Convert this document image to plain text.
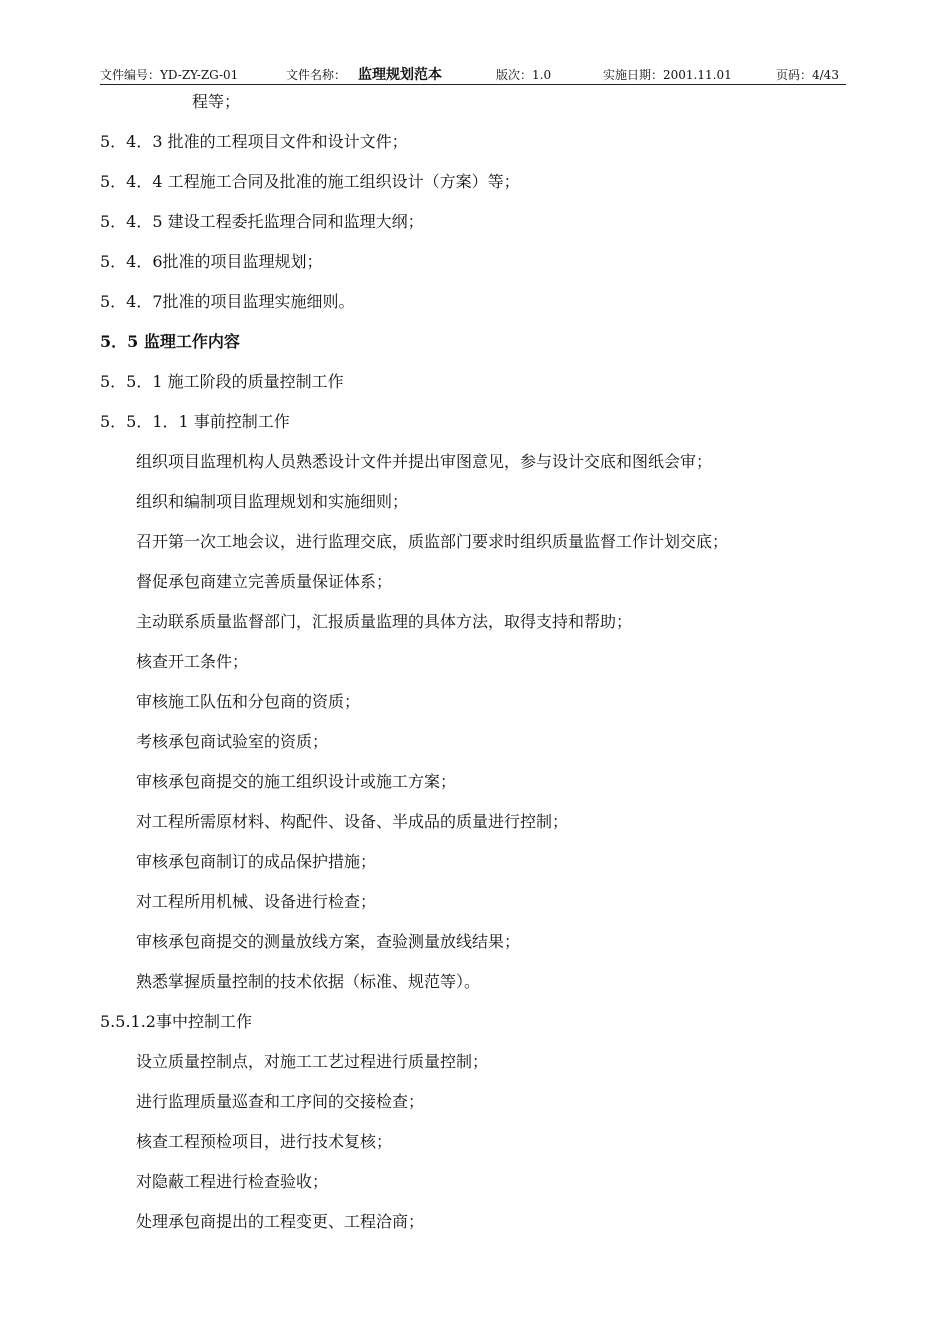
文件编号：YD-ZY-ZG-01	文件名称： 监理规划范本	版次：1.0	实施日期：2001.11.01	页码：4/43
程等；
5．4．3 批准的工程项目文件和设计文件；
5．4．4 工程施工合同及批准的施工组织设计（方案）等；
5．4．5 建设工程委托监理合同和监理大纲；
5．4．6批准的项目监理规划；
5．4．7批准的项目监理实施细则。
5．5 监理工作内容
5．5．1 施工阶段的质量控制工作
5．5．1．1 事前控制工作
组织项目监理机构人员熟悉设计文件并提出审图意见，参与设计交底和图纸会审；
组织和编制项目监理规划和实施细则；
召开第一次工地会议，进行监理交底，质监部门要求时组织质量监督工作计划交底；
督促承包商建立完善质量保证体系；
主动联系质量监督部门，汇报质量监理的具体方法，取得支持和帮助；
核查开工条件；
审核施工队伍和分包商的资质；
考核承包商试验室的资质；
审核承包商提交的施工组织设计或施工方案；
对工程所需原材料、构配件、设备、半成品的质量进行控制；
审核承包商制订的成品保护措施；
对工程所用机械、设备进行检查；
审核承包商提交的测量放线方案，查验测量放线结果；
熟悉掌握质量控制的技术依据（标准、规范等）。
5.5.1.2事中控制工作
设立质量控制点，对施工工艺过程进行质量控制；
进行监理质量巡查和工序间的交接检查；
核查工程预检项目，进行技术复核；
对隐蔽工程进行检查验收；
处理承包商提出的工程变更、工程洽商；
